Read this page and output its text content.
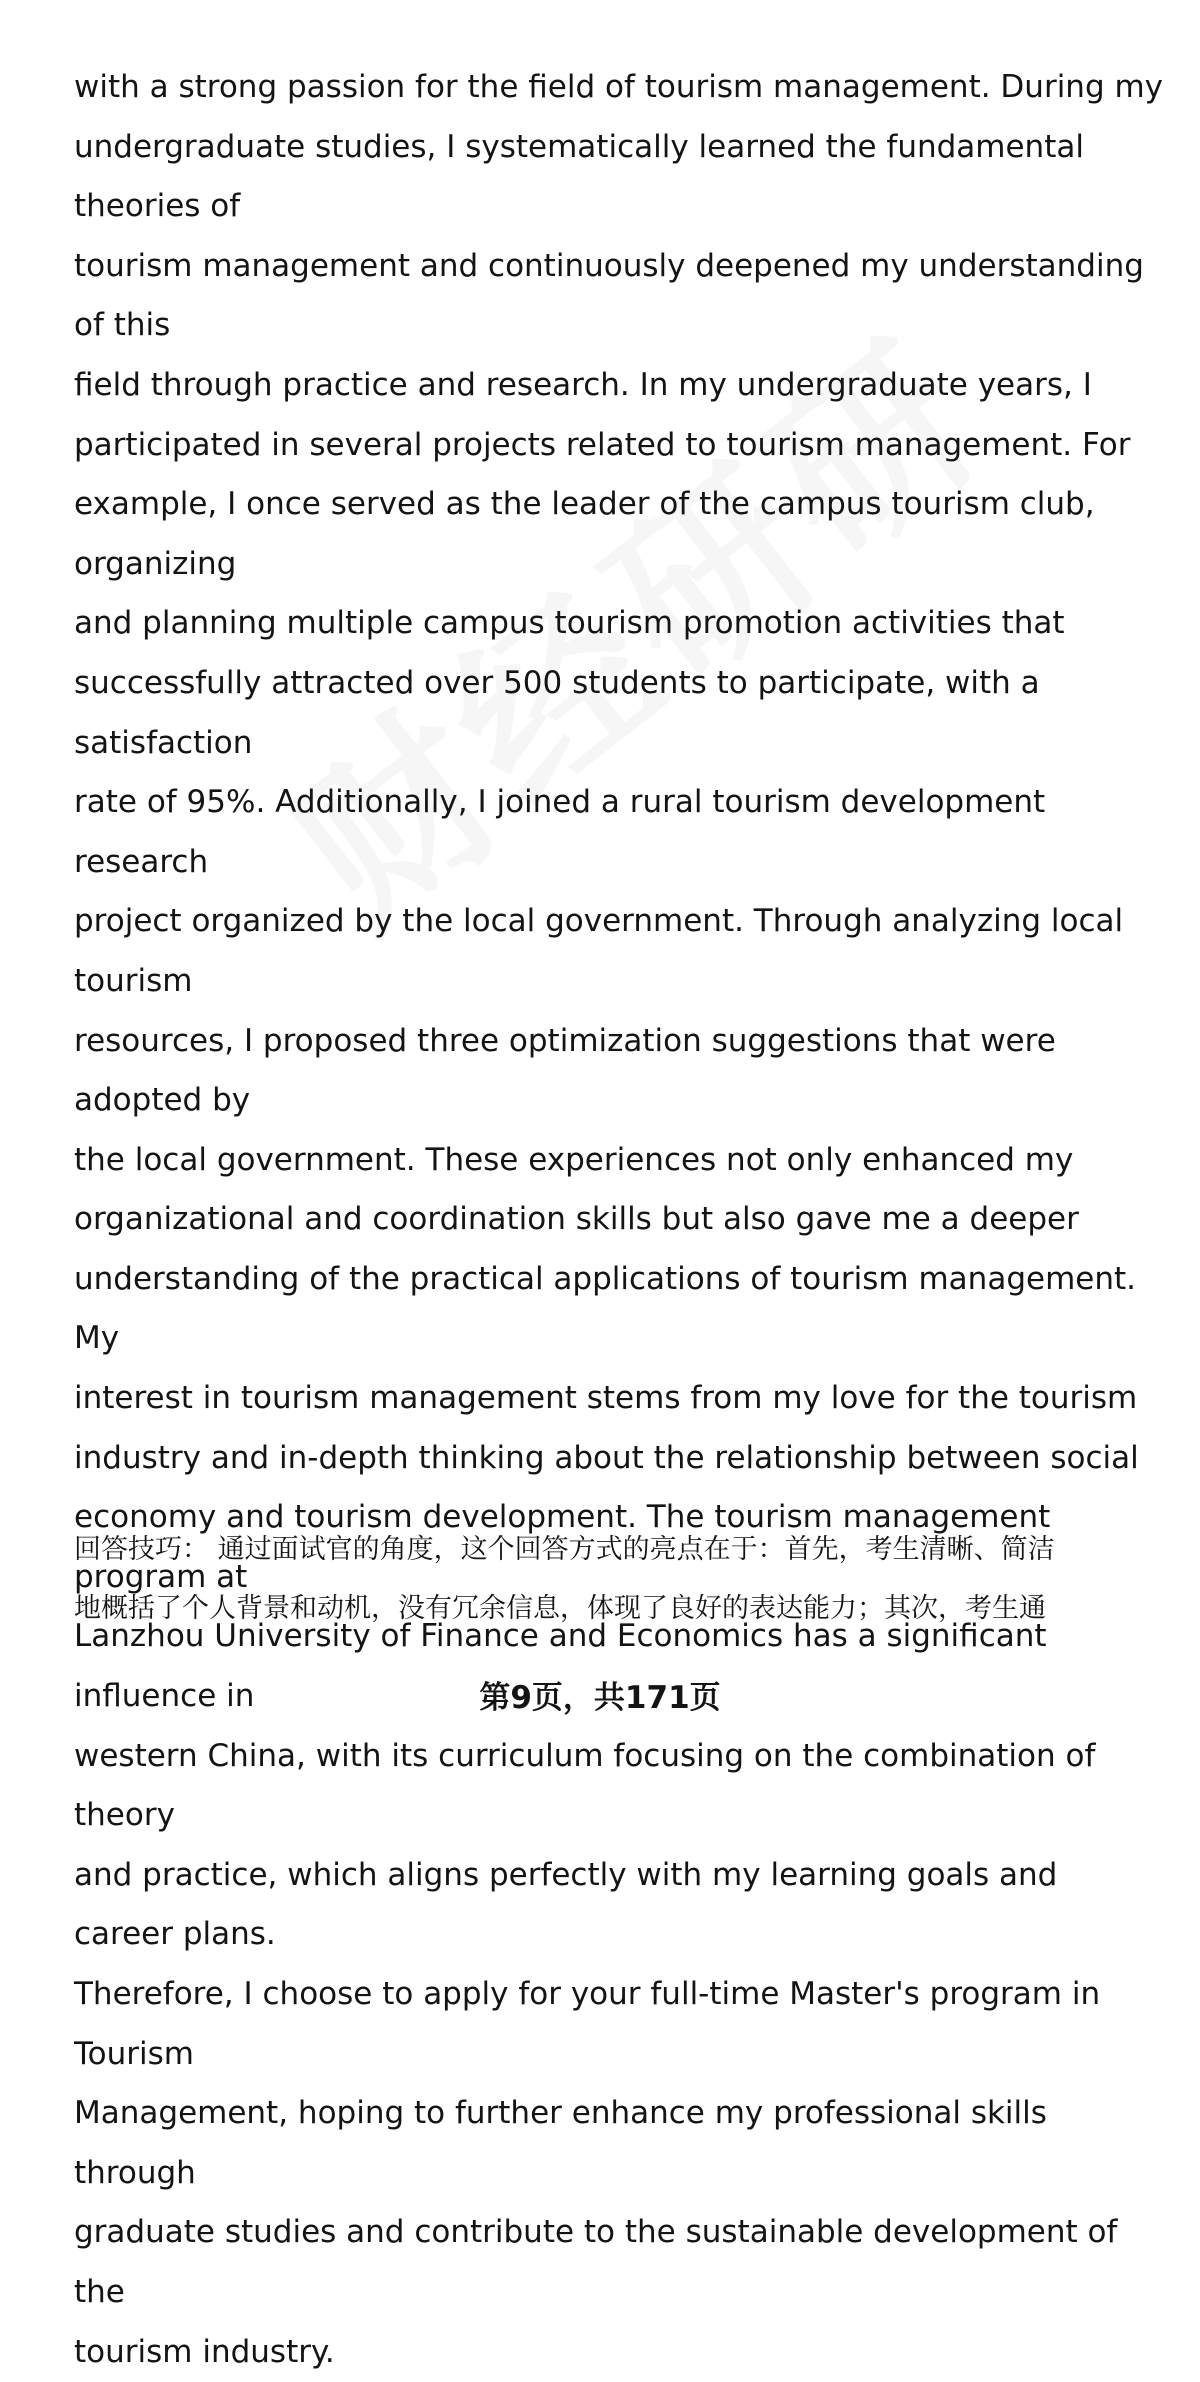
with a strong passion for the field of tourism management. During my
undergraduate studies, I systematically learned the fundamental theories of
tourism management and continuously deepened my understanding of this
field through practice and research. In my undergraduate years, I
participated in several projects related to tourism management. For
example, I once served as the leader of the campus tourism club, organizing
and planning multiple campus tourism promotion activities that
successfully attracted over 500 students to participate, with a satisfaction
rate of 95%. Additionally, I joined a rural tourism development research
project organized by the local government. Through analyzing local tourism
resources, I proposed three optimization suggestions that were adopted by
the local government. These experiences not only enhanced my
organizational and coordination skills but also gave me a deeper
understanding of the practical applications of tourism management. My
interest in tourism management stems from my love for the tourism
industry and in-depth thinking about the relationship between social
economy and tourism development. The tourism management program at
Lanzhou University of Finance and Economics has a significant influence in
western China, with its curriculum focusing on the combination of theory
and practice, which aligns perfectly with my learning goals and career plans.
Therefore, I choose to apply for your full-time Master's program in Tourism
Management, hoping to further enhance my professional skills through
graduate studies and contribute to the sustainable development of the
tourism industry.

回答技巧： 通过面试官的角度，这个回答方式的亮点在于：首先，考生清晰、简洁
地概括了个人背景和动机，没有冗余信息，体现了良好的表达能力；其次，考生通

第9页，共171页
